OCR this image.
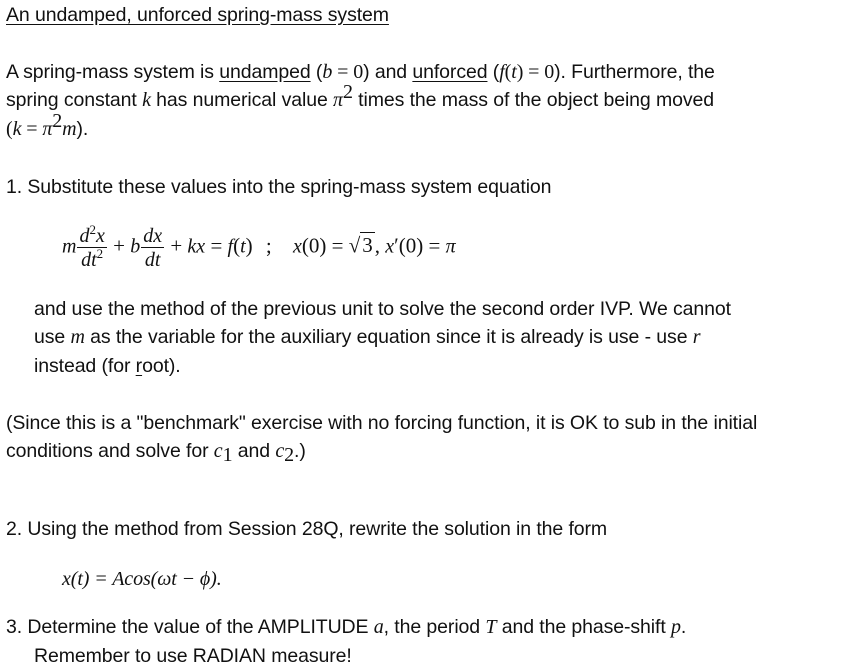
An undamped, unforced spring-mass system
A spring-mass system is undamped (b = 0) and unforced (f(t) = 0). Furthermore, the
spring constant k has numerical value $\pi^2$ times the mass of the object being moved
$(k = \pi^2m)$.
1. Substitute these values into the spring-mass system equation
m $\frac{d^2x}{dt^2} + b \frac{dx}{dt}$ + kx = f(t) ; x(0) = √3, x′(0) = π
and use the method of the previous unit to solve the second order IVP. We cannot
use m as the variable for the auxiliary equation since it is already is use - use r
instead (for root).
(Since this is a "benchmark" exercise with no forcing function, it is OK to sub in the initial
conditions and solve for $c_1$ and $c_2$.)
2. Using the method from Session 28Q, rewrite the solution in the form
x(t) = Acos(ωt − ϕ).
3. Determine the value of the AMPLITUDE a, the period T and the phase-shift p.
Remember to use RADIAN measure!
